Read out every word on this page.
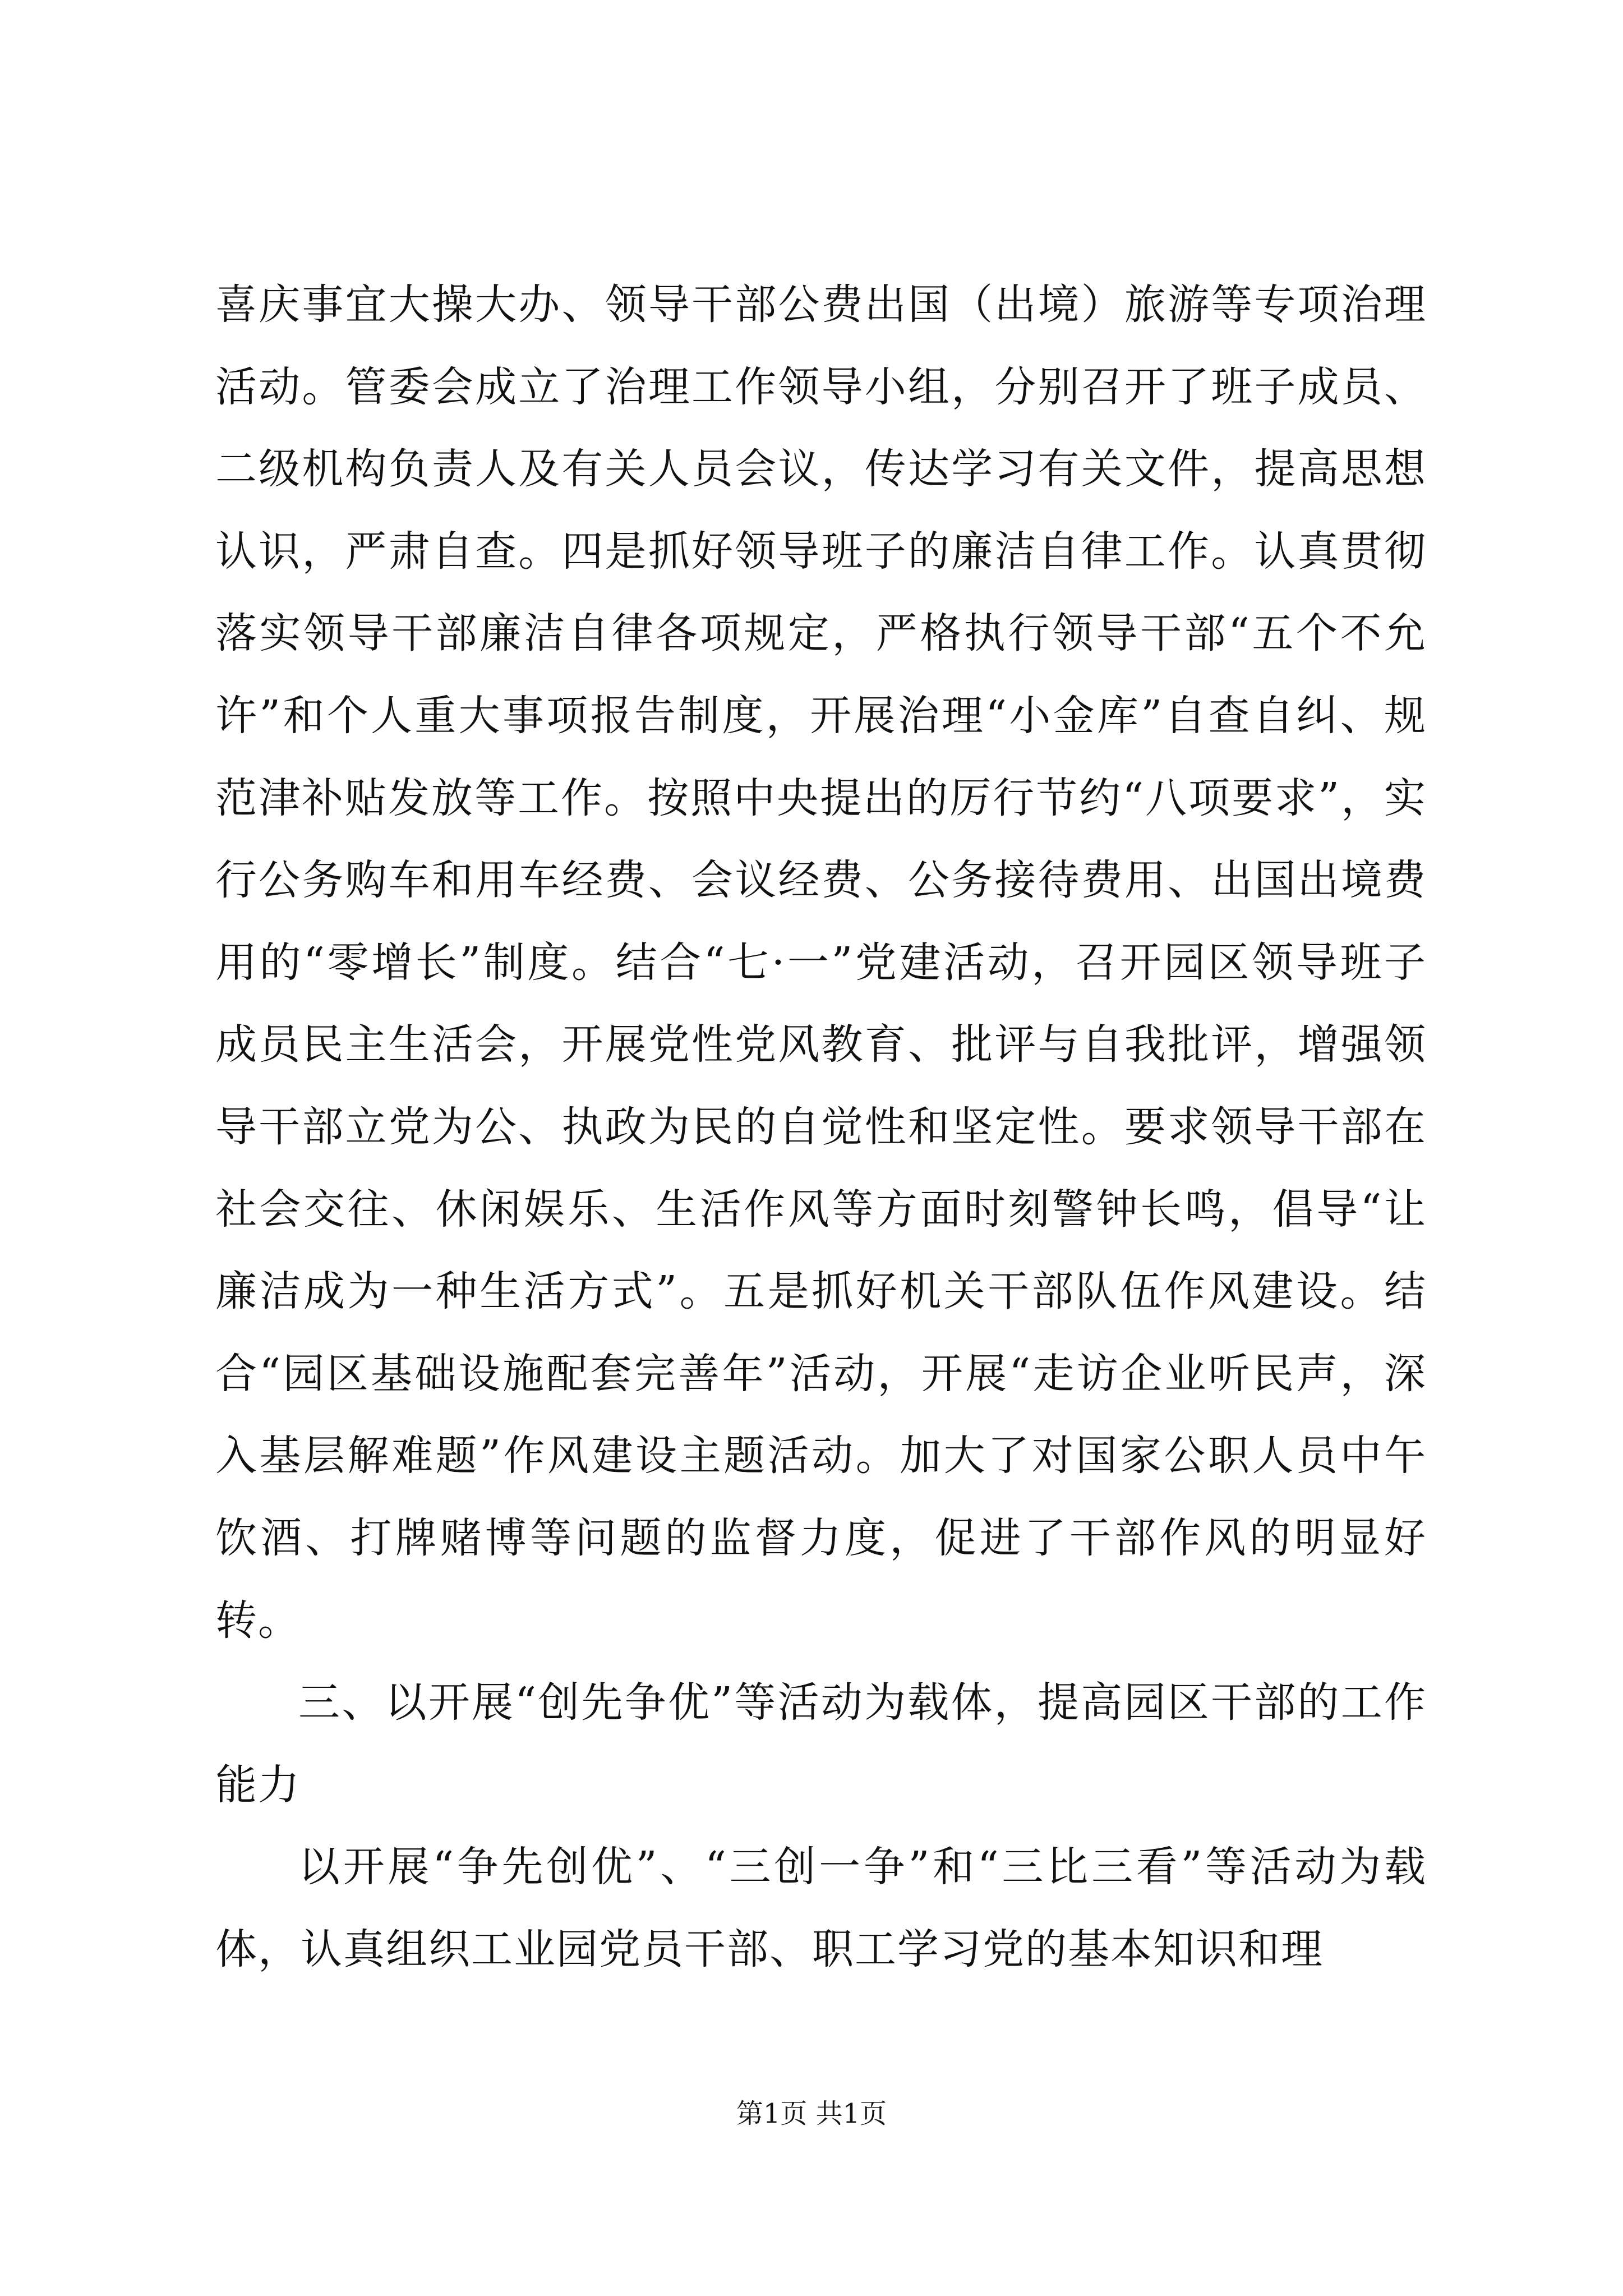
喜庆事宜大操大办、领导干部公费出国（出境）旅游等专项治理活动。管委会成立了治理工作领导小组，分别召开了班子成员、二级机构负责人及有关人员会议，传达学习有关文件，提高思想认识，严肃自查。四是抓好领导班子的廉洁自律工作。认真贯彻落实领导干部廉洁自律各项规定，严格执行领导干部“五个不允许”和个人重大事项报告制度，开展治理“小金库”自查自纠、规范津补贴发放等工作。按照中央提出的厉行节约“八项要求”，实行公务购车和用车经费、会议经费、公务接待费用、出国出境费用的“零增长”制度。结合“七·一”党建活动，召开园区领导班子成员民主生活会，开展党性党风教育、批评与自我批评，增强领导干部立党为公、执政为民的自觉性和坚定性。要求领导干部在社会交往、休闲娱乐、生活作风等方面时刻警钟长鸣，倡导“让廉洁成为一种生活方式”。五是抓好机关干部队伍作风建设。结合“园区基础设施配套完善年”活动，开展“走访企业听民声，深入基层解难题”作风建设主题活动。加大了对国家公职人员中午饮酒、打牌赌博等问题的监督力度，促进了干部作风的明显好转。

三、以开展“创先争优”等活动为载体，提高园区干部的工作能力

以开展“争先创优”、“三创一争”和“三比三看”等活动为载体，认真组织工业园党员干部、职工学习党的基本知识和理

第1页 共1页
